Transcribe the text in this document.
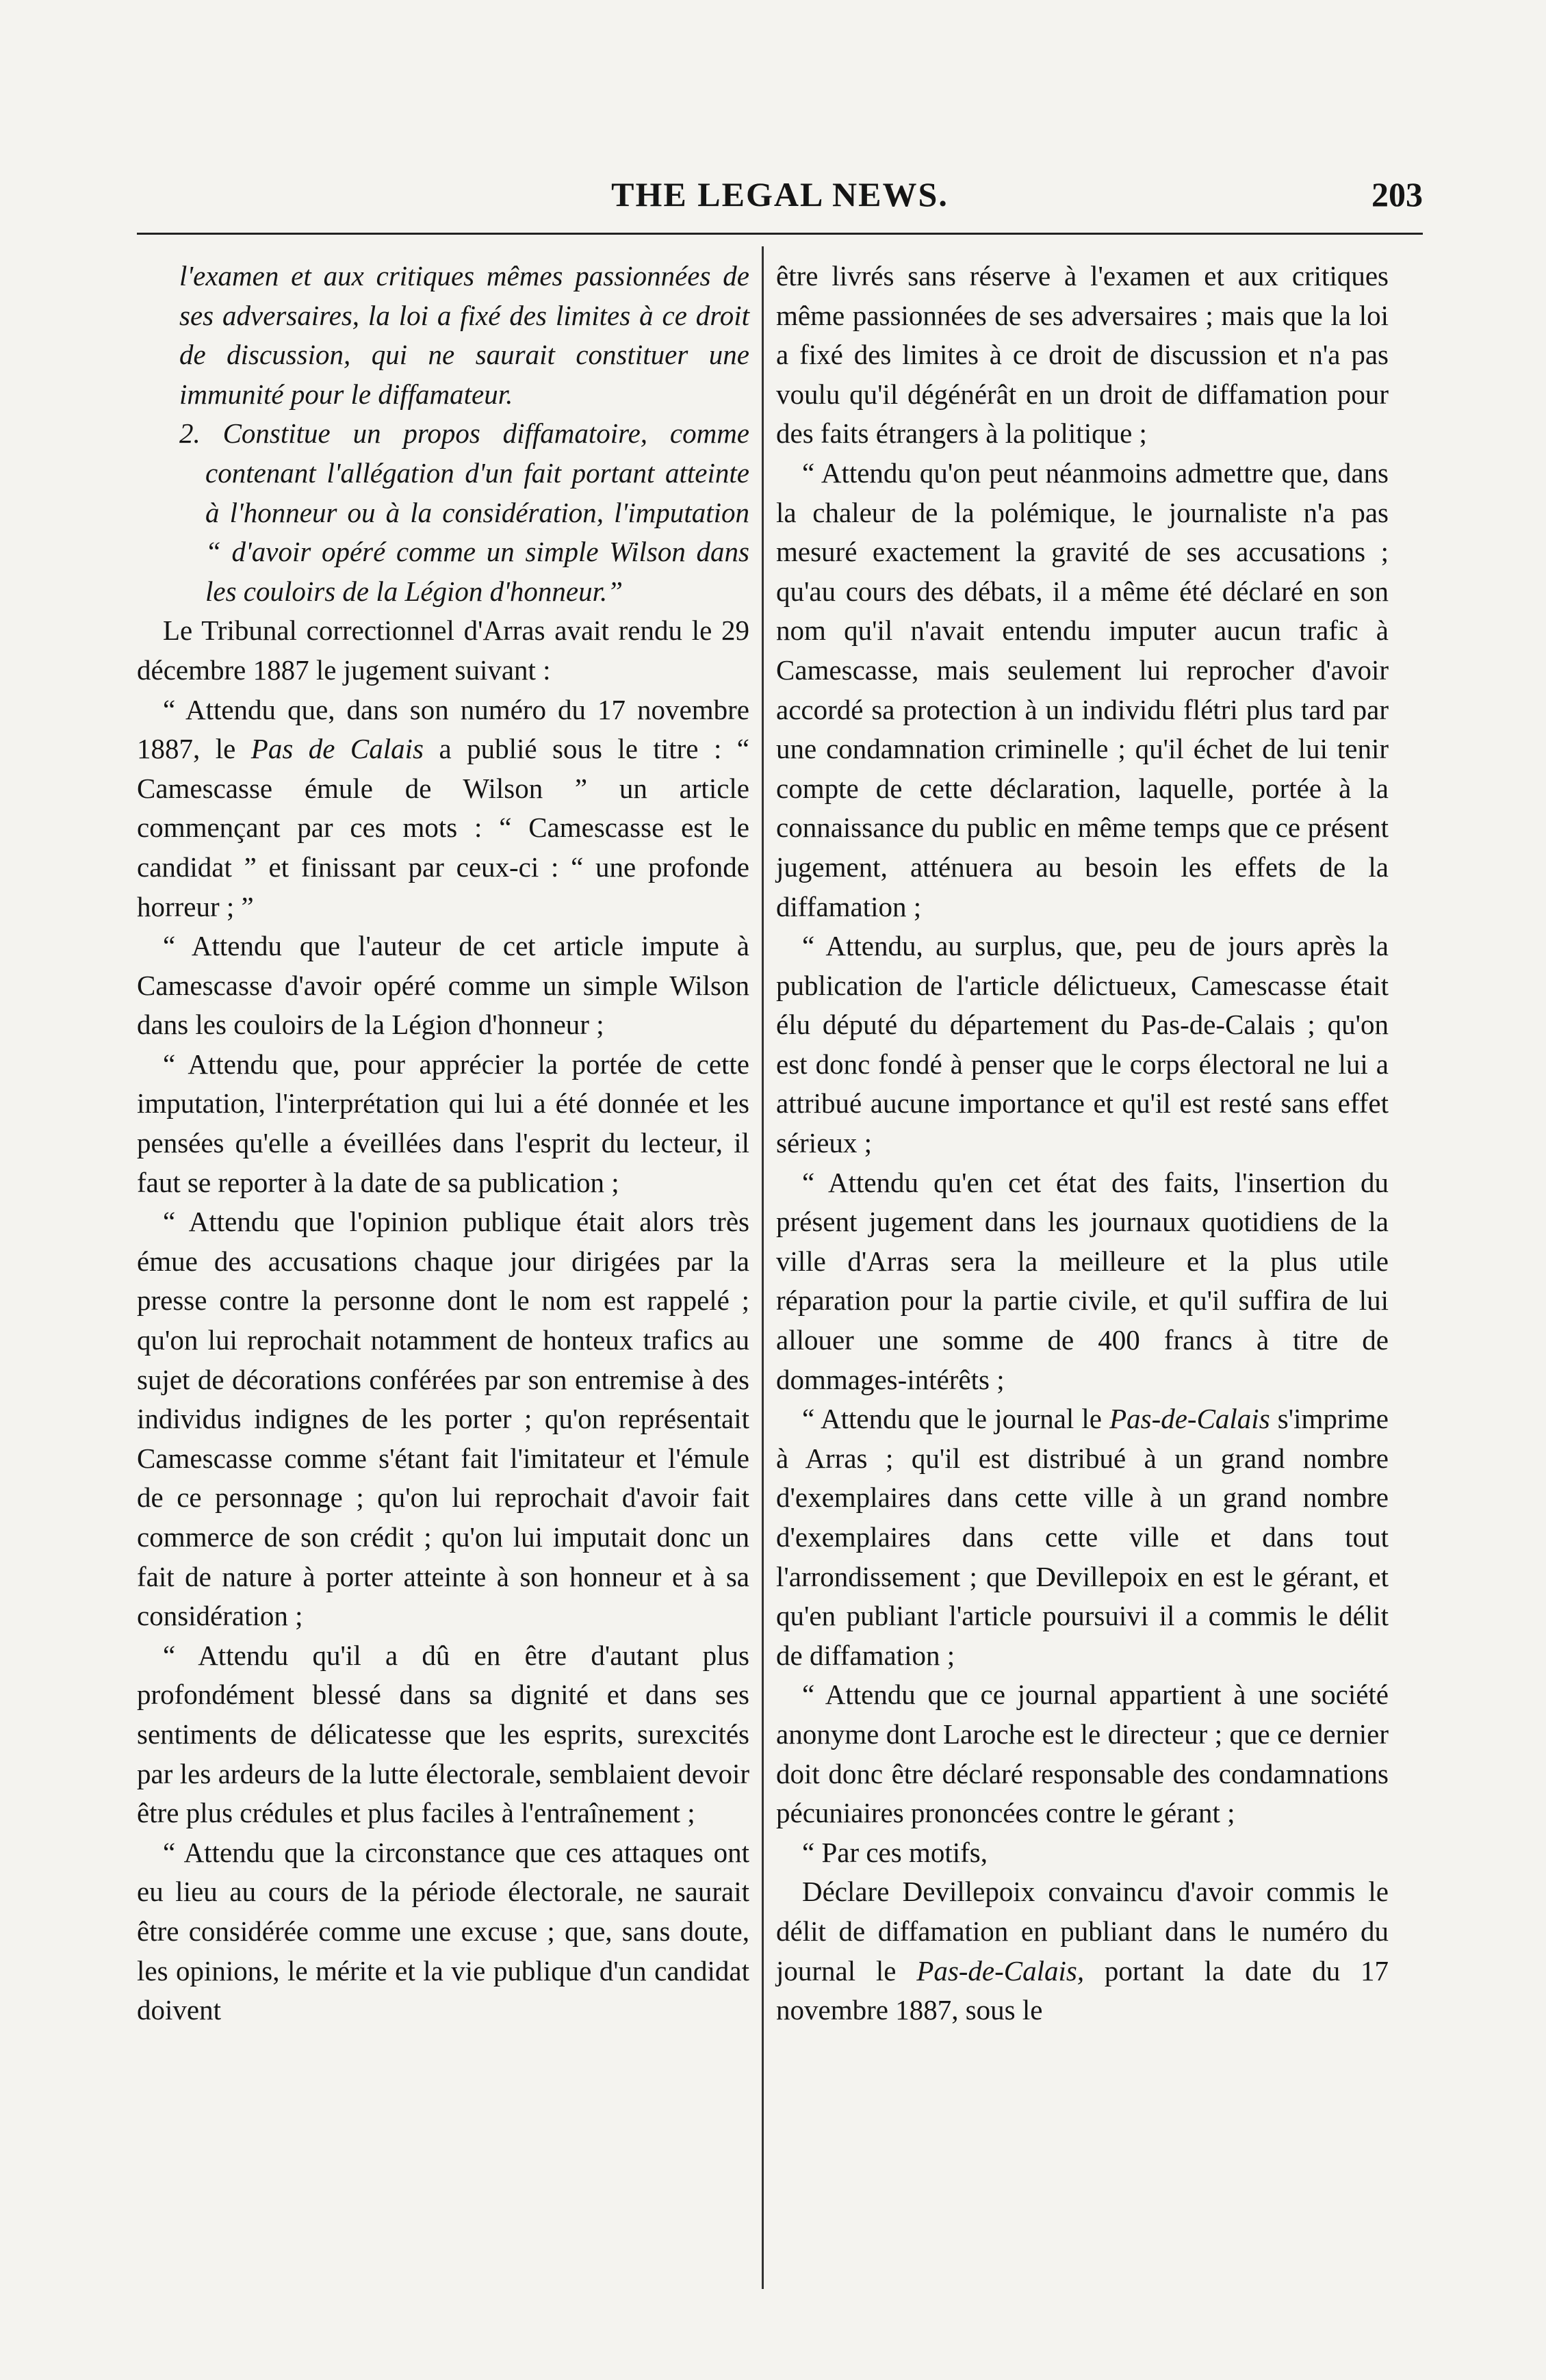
THE LEGAL NEWS.	203

l'examen et aux critiques mêmes passionnées de ses adversaires, la loi a fixé des limites à ce droit de discussion, qui ne saurait constituer une immunité pour le diffamateur.

2. Constitue un propos diffamatoire, comme contenant l'allégation d'un fait portant atteinte à l'honneur ou à la considération, l'imputation “ d'avoir opéré comme un simple Wilson dans les couloirs de la Légion d'honneur.”

Le Tribunal correctionnel d'Arras avait rendu le 29 décembre 1887 le jugement suivant :

“ Attendu que, dans son numéro du 17 novembre 1887, le Pas de Calais a publié sous le titre : “ Camescasse émule de Wilson ” un article commençant par ces mots : “ Camescasse est le candidat ” et finissant par ceux-ci : “ une profonde horreur ; ”

“ Attendu que l'auteur de cet article impute à Camescasse d'avoir opéré comme un simple Wilson dans les couloirs de la Légion d'honneur ;

“ Attendu que, pour apprécier la portée de cette imputation, l'interprétation qui lui a été donnée et les pensées qu'elle a éveillées dans l'esprit du lecteur, il faut se reporter à la date de sa publication ;

“ Attendu que l'opinion publique était alors très émue des accusations chaque jour dirigées par la presse contre la personne dont le nom est rappelé ; qu'on lui reprochait notamment de honteux trafics au sujet de décorations conférées par son entremise à des individus indignes de les porter ; qu'on représentait Camescasse comme s'étant fait l'imitateur et l'émule de ce personnage ; qu'on lui reprochait d'avoir fait commerce de son crédit ; qu'on lui imputait donc un fait de nature à porter atteinte à son honneur et à sa considération ;

“ Attendu qu'il a dû en être d'autant plus profondément blessé dans sa dignité et dans ses sentiments de délicatesse que les esprits, surexcités par les ardeurs de la lutte électorale, semblaient devoir être plus crédules et plus faciles à l'entraînement ;

“ Attendu que la circonstance que ces attaques ont eu lieu au cours de la période électorale, ne saurait être considérée comme une excuse ; que, sans doute, les opinions, le mérite et la vie publique d'un candidat doivent

être livrés sans réserve à l'examen et aux critiques même passionnées de ses adversaires ; mais que la loi a fixé des limites à ce droit de discussion et n'a pas voulu qu'il dégénérât en un droit de diffamation pour des faits étrangers à la politique ;

“ Attendu qu'on peut néanmoins admettre que, dans la chaleur de la polémique, le journaliste n'a pas mesuré exactement la gravité de ses accusations ; qu'au cours des débats, il a même été déclaré en son nom qu'il n'avait entendu imputer aucun trafic à Camescasse, mais seulement lui reprocher d'avoir accordé sa protection à un individu flétri plus tard par une condamnation criminelle ; qu'il échet de lui tenir compte de cette déclaration, laquelle, portée à la connaissance du public en même temps que ce présent jugement, atténuera au besoin les effets de la diffamation ;

“ Attendu, au surplus, que, peu de jours après la publication de l'article délictueux, Camescasse était élu député du département du Pas-de-Calais ; qu'on est donc fondé à penser que le corps électoral ne lui a attribué aucune importance et qu'il est resté sans effet sérieux ;

“ Attendu qu'en cet état des faits, l'insertion du présent jugement dans les journaux quotidiens de la ville d'Arras sera la meilleure et la plus utile réparation pour la partie civile, et qu'il suffira de lui allouer une somme de 400 francs à titre de dommages-intérêts ;

“ Attendu que le journal le Pas-de-Calais s'imprime à Arras ; qu'il est distribué à un grand nombre d'exemplaires dans cette ville à un grand nombre d'exemplaires dans cette ville et dans tout l'arrondissement ; que Devillepoix en est le gérant, et qu'en publiant l'article poursuivi il a commis le délit de diffamation ;

“ Attendu que ce journal appartient à une société anonyme dont Laroche est le directeur ; que ce dernier doit donc être déclaré responsable des condamnations pécuniaires prononcées contre le gérant ;

“ Par ces motifs,

Déclare Devillepoix convaincu d'avoir commis le délit de diffamation en publiant dans le numéro du journal le Pas-de-Calais, portant la date du 17 novembre 1887, sous le
